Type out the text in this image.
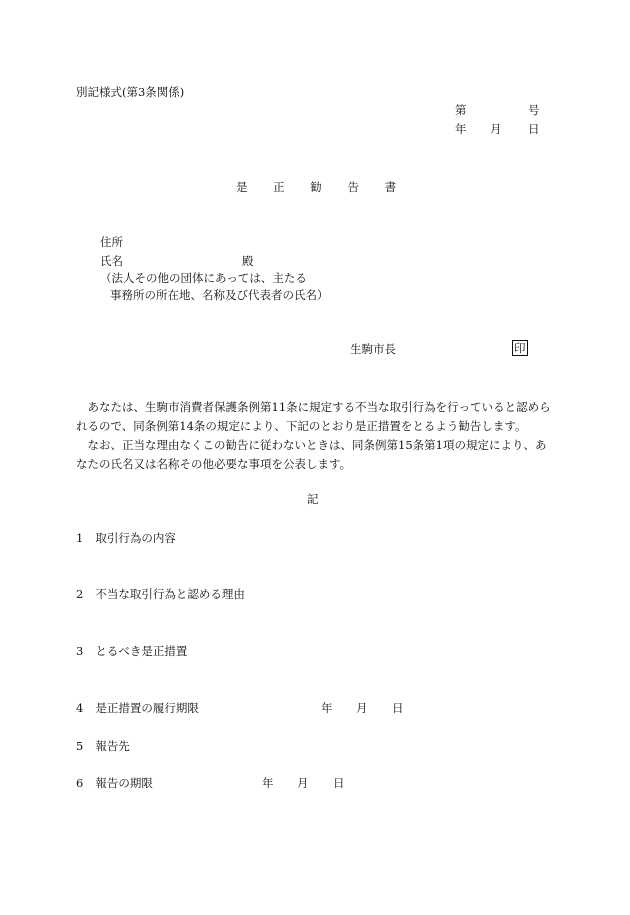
別記様式(第3条関係)
第	号
年 月 日
是 正 勧 告 書
住所
氏名	殿
（法人その他の団体にあっては、主たる
事務所の所在地、名称及び代表者の氏名）
生駒市長	印
あなたは、生駒市消費者保護条例第11条に規定する不当な取引行為を行っていると認められるので、同条例第14条の規定により、下記のとおり是正措置をとるよう勧告します。
なお、正当な理由なくこの勧告に従わないときは、同条例第15条第1項の規定により、あなたの氏名又は名称その他必要な事項を公表します。
記
1 取引行為の内容
2 不当な取引行為と認める理由
3 とるべき是正措置
4 是正措置の履行期限	年 月 日
5 報告先
6 報告の期限	年 月 日
